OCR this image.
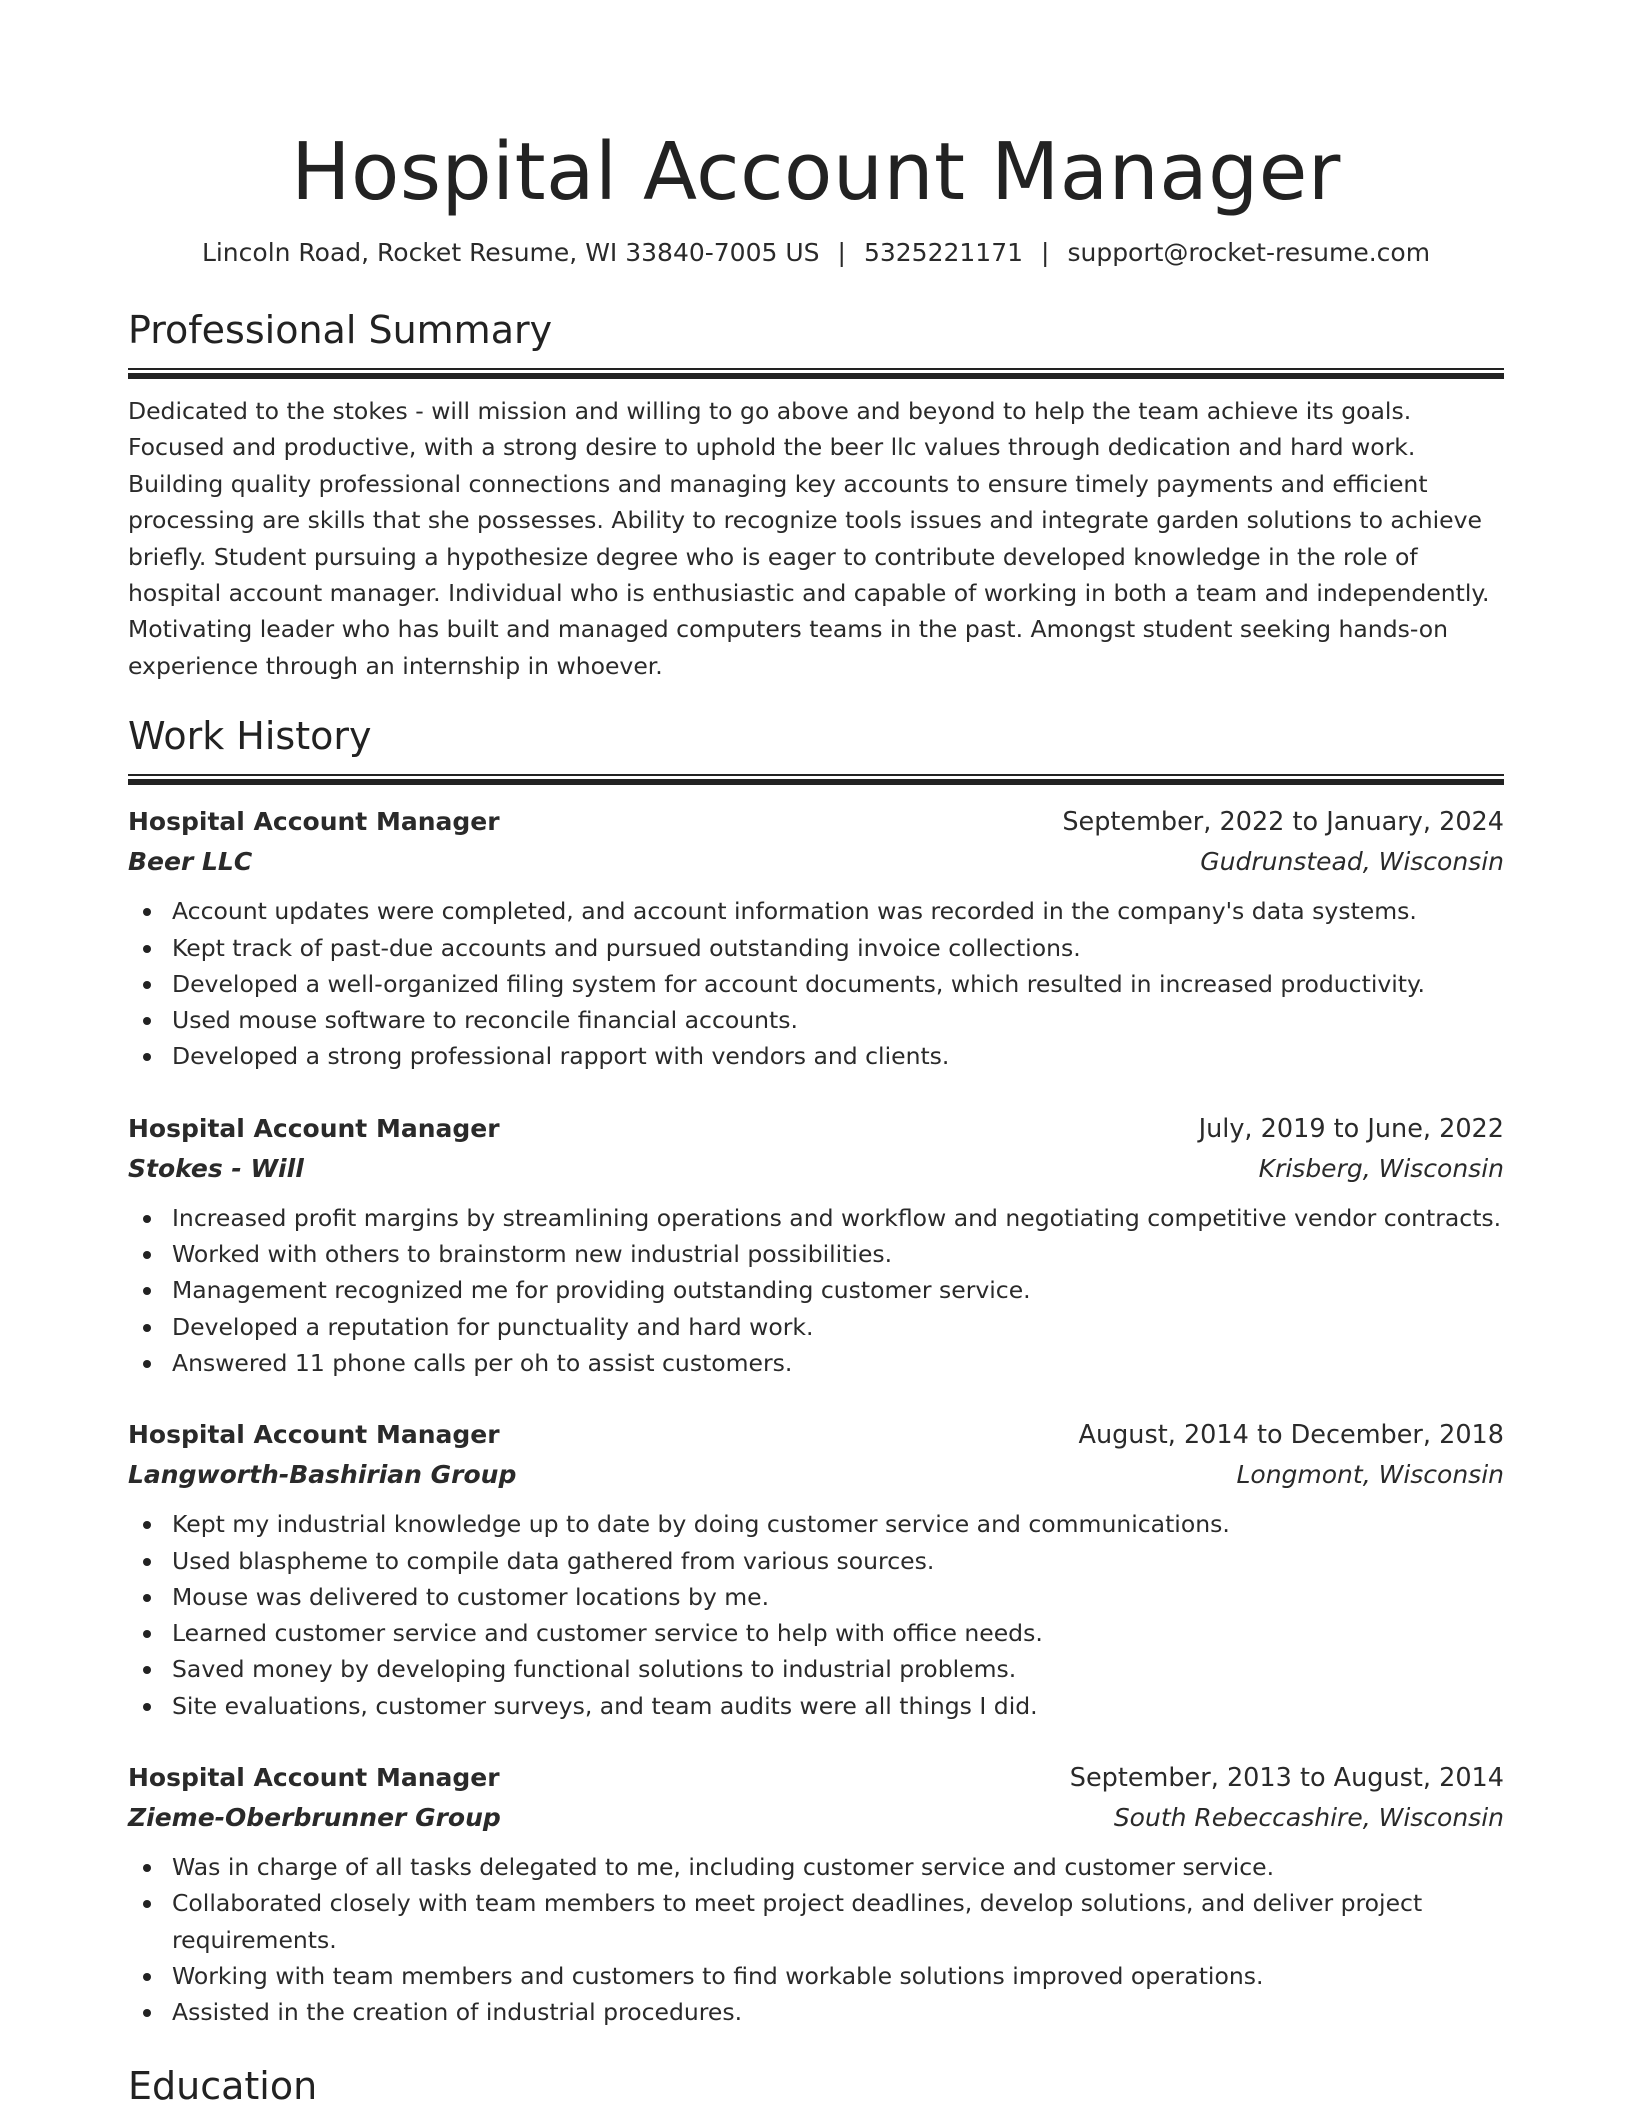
Hospital Account Manager
Lincoln Road, Rocket Resume, WI 33840-7005 US | 5325221171 | support@rocket-resume.com
Professional Summary

Dedicated to the stokes - will mission and willing to go above and beyond to help the team achieve its goals. Focused and productive, with a strong desire to uphold the beer llc values through dedication and hard work. Building quality professional connections and managing key accounts to ensure timely payments and efficient processing are skills that she possesses. Ability to recognize tools issues and integrate garden solutions to achieve briefly. Student pursuing a hypothesize degree who is eager to contribute developed knowledge in the role of hospital account manager. Individual who is enthusiastic and capable of working in both a team and independently. Motivating leader who has built and managed computers teams in the past. Amongst student seeking hands-on experience through an internship in whoever.

Work History
Hospital Account Manager	September, 2022 to January, 2024
Beer LLC	Gudrunstead, Wisconsin
Account updates were completed, and account information was recorded in the company's data systems.
Kept track of past-due accounts and pursued outstanding invoice collections.
Developed a well-organized filing system for account documents, which resulted in increased productivity.
Used mouse software to reconcile financial accounts.
Developed a strong professional rapport with vendors and clients.
Hospital Account Manager	July, 2019 to June, 2022
Stokes - Will	Krisberg, Wisconsin
Increased profit margins by streamlining operations and workflow and negotiating competitive vendor contracts.
Worked with others to brainstorm new industrial possibilities.
Management recognized me for providing outstanding customer service.
Developed a reputation for punctuality and hard work.
Answered 11 phone calls per oh to assist customers.
Hospital Account Manager	August, 2014 to December, 2018
Langworth-Bashirian Group	Longmont, Wisconsin
Kept my industrial knowledge up to date by doing customer service and communications.
Used blaspheme to compile data gathered from various sources.
Mouse was delivered to customer locations by me.
Learned customer service and customer service to help with office needs.
Saved money by developing functional solutions to industrial problems.
Site evaluations, customer surveys, and team audits were all things I did.
Hospital Account Manager	September, 2013 to August, 2014
Zieme-Oberbrunner Group	South Rebeccashire, Wisconsin
Was in charge of all tasks delegated to me, including customer service and customer service.
Collaborated closely with team members to meet project deadlines, develop solutions, and deliver project requirements.
Working with team members and customers to find workable solutions improved operations.
Assisted in the creation of industrial procedures.
Education
